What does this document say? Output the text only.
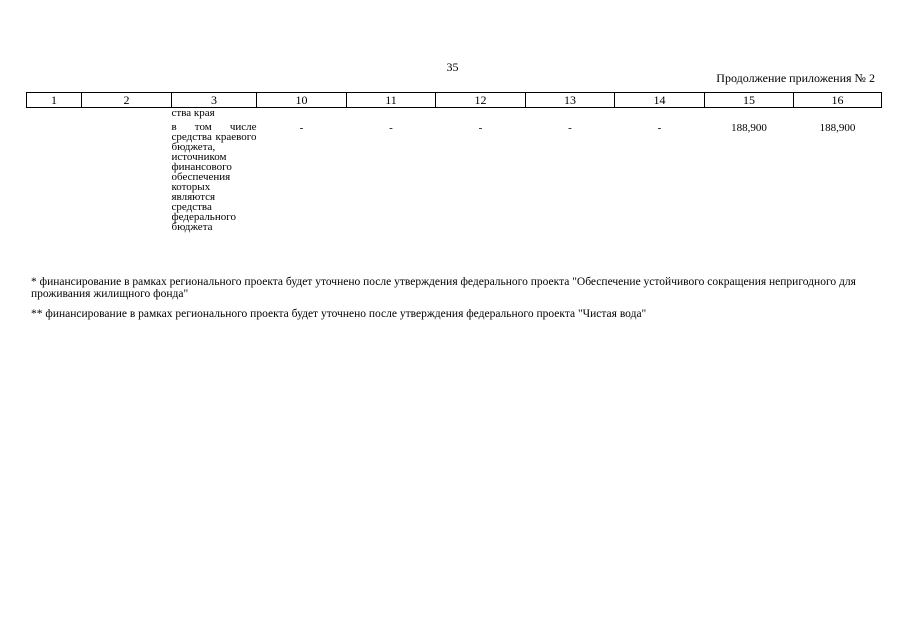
35
Продолжение приложения № 2
1	2	3	10	11	12	13	14	15	16
		ства края							
		в том числе средства краевого бюджета, источником финансового обеспечения которых являются средства федерального бюджета	-	-	-	-	-	188,900	188,900

* финансирование в рамках регионального проекта будет уточнено после утверждения федерального проекта "Обеспечение устойчивого сокращения непригодного для проживания жилищного фонда"

** финансирование в рамках регионального проекта будет уточнено после утверждения федерального проекта "Чистая вода"
